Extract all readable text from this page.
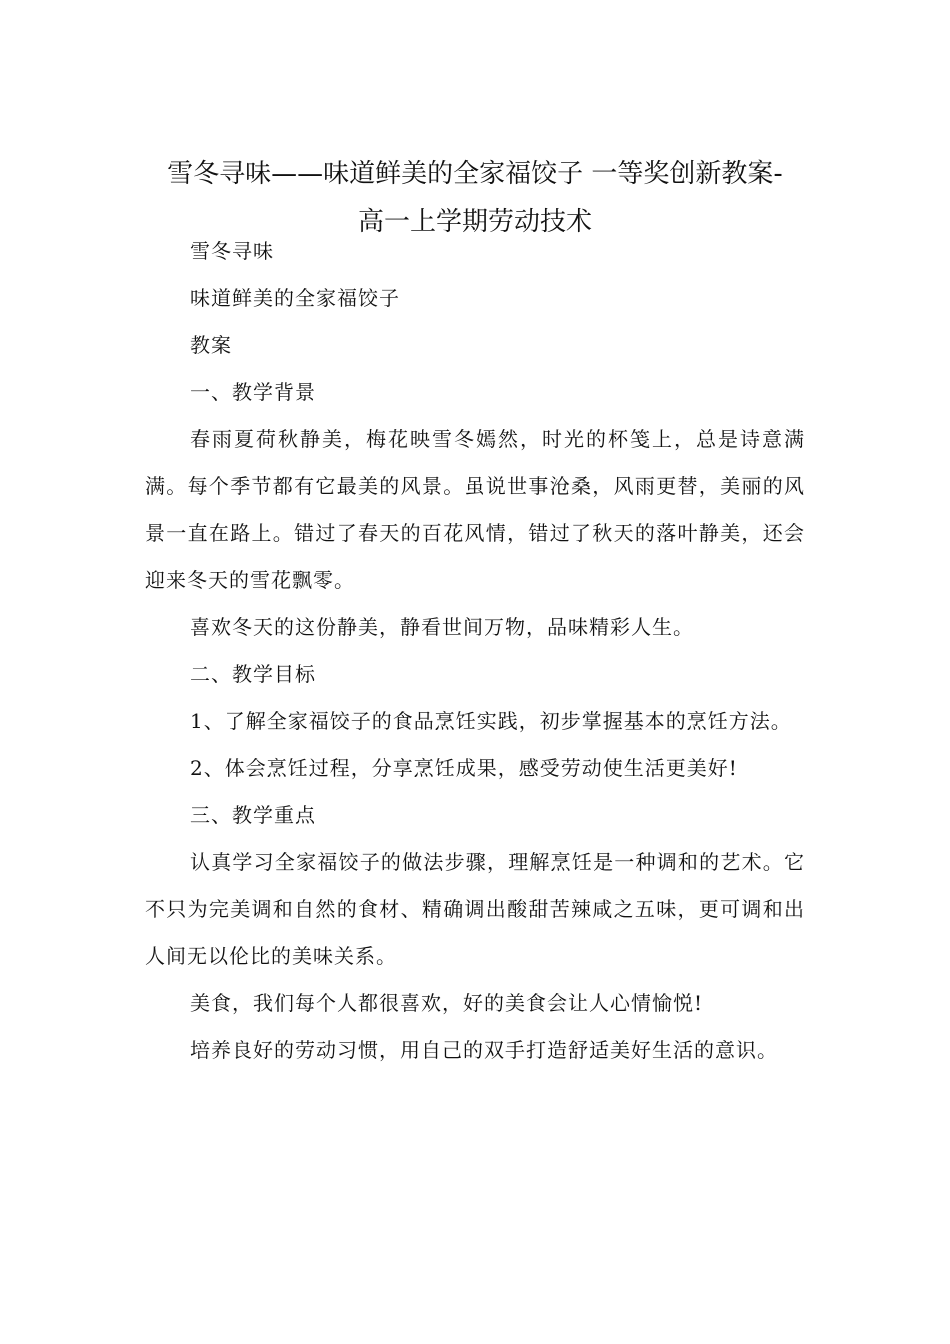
雪冬寻味——味道鲜美的全家福饺子 一等奖创新教案-
高一上学期劳动技术

雪冬寻味

味道鲜美的全家福饺子

教案

一、教学背景

春雨夏荷秋静美，梅花映雪冬嫣然，时光的杯笺上，总是诗意满满。每个季节都有它最美的风景。虽说世事沧桑，风雨更替，美丽的风景一直在路上。错过了春天的百花风情，错过了秋天的落叶静美，还会迎来冬天的雪花飘零。

喜欢冬天的这份静美，静看世间万物，品味精彩人生。

二、教学目标

1、了解全家福饺子的食品烹饪实践，初步掌握基本的烹饪方法。

2、体会烹饪过程，分享烹饪成果，感受劳动使生活更美好!

三、教学重点

认真学习全家福饺子的做法步骤，理解烹饪是一种调和的艺术。它不只为完美调和自然的食材、精确调出酸甜苦辣咸之五味，更可调和出人间无以伦比的美味关系。

美食，我们每个人都很喜欢，好的美食会让人心情愉悦!

培养良好的劳动习惯，用自己的双手打造舒适美好生活的意识。
